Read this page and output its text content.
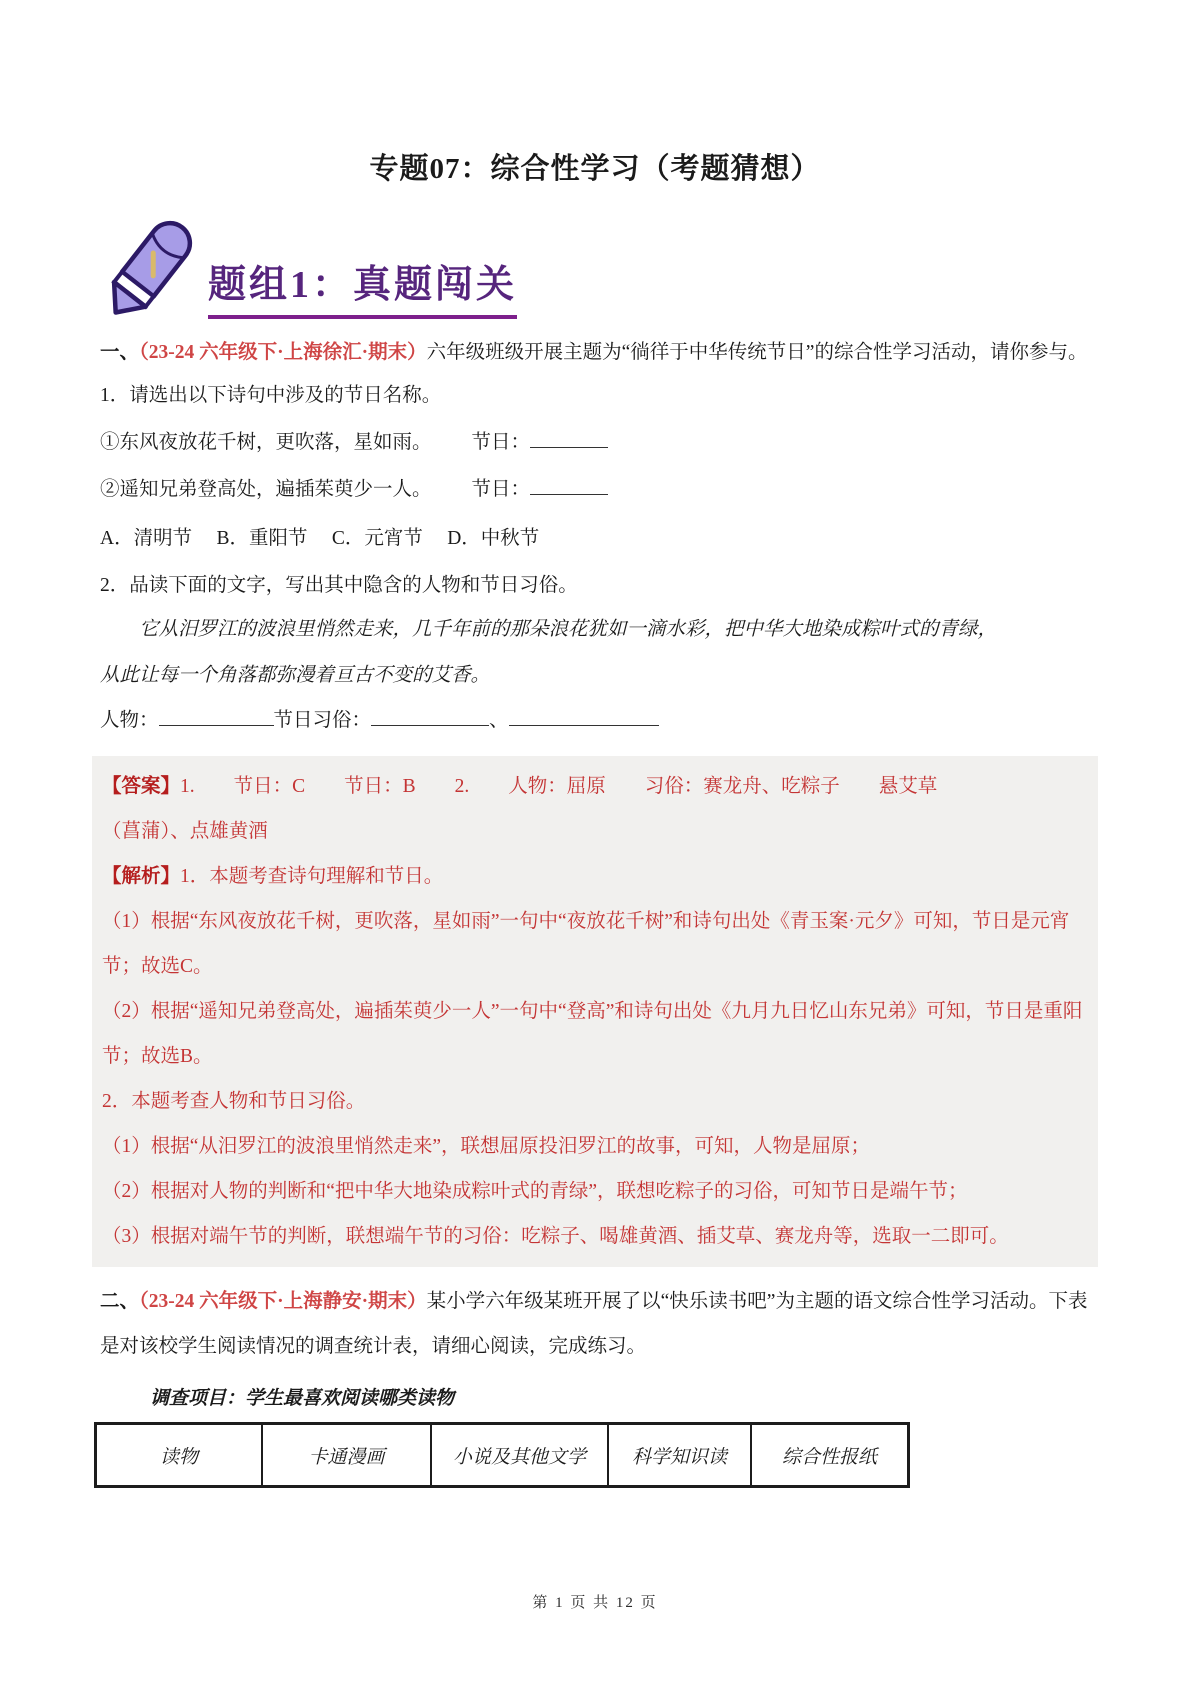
专题07：综合性学习（考题猜想）
题组1：真题闯关

一、（23-24 六年级下·上海徐汇·期末）六年级班级开展主题为“徜徉于中华传统节日”的综合性学习活动，请你参与。

1．请选出以下诗句中涉及的节日名称。

①东风夜放花千树，更吹落，星如雨。 节日：

②遥知兄弟登高处，遍插茱萸少一人。 节日：

A．清明节　 B．重阳节　 C．元宵节　 D．中秋节

2．品读下面的文字，写出其中隐含的人物和节日习俗。

它从汨罗江的波浪里悄然走来，几千年前的那朵浪花犹如一滴水彩，把中华大地染成粽叶式的青绿，
从此让每一个角落都弥漫着亘古不变的艾香。

人物：	节日习俗：	、

【答案】1.　　节日：C　　节日：B　　2.　　人物：屈原　　习俗：赛龙舟、吃粽子　　悬艾草

（菖蒲）、点雄黄酒

【解析】1．本题考查诗句理解和节日。

（1）根据“东风夜放花千树，更吹落，星如雨”一句中“夜放花千树”和诗句出处《青玉案·元夕》可知，节日是元宵节；故选C。

（2）根据“遥知兄弟登高处，遍插茱萸少一人”一句中“登高”和诗句出处《九月九日忆山东兄弟》可知，节日是重阳节；故选B。

2．本题考查人物和节日习俗。

（1）根据“从汨罗江的波浪里悄然走来”，联想屈原投汨罗江的故事，可知，人物是屈原；

（2）根据对人物的判断和“把中华大地染成粽叶式的青绿”，联想吃粽子的习俗，可知节日是端午节；

（3）根据对端午节的判断，联想端午节的习俗：吃粽子、喝雄黄酒、插艾草、赛龙舟等，选取一二即可。

二、（23-24 六年级下·上海静安·期末）某小学六年级某班开展了以“快乐读书吧”为主题的语文综合性学习活动。下表是对该校学生阅读情况的调查统计表，请细心阅读，完成练习。

调查项目：学生最喜欢阅读哪类读物

读物	卡通漫画	小说及其他文学	科学知识读	综合性报纸
第 1 页 共 12 页
